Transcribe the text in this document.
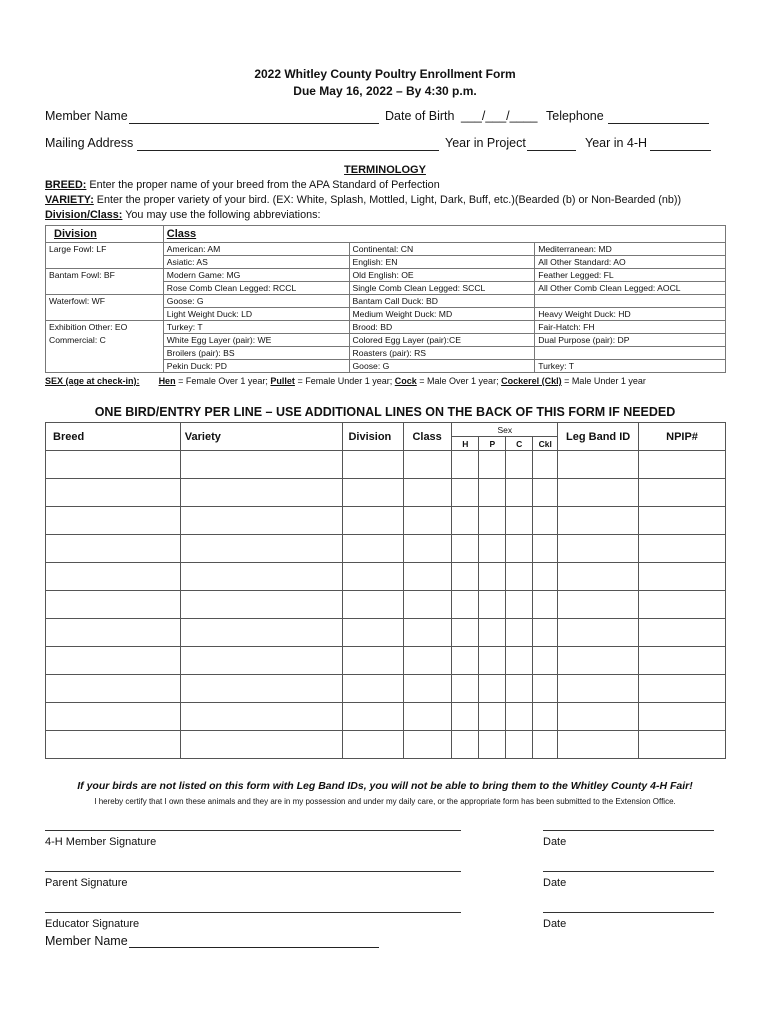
2022 Whitley County Poultry Enrollment Form
Due May 16, 2022 – By 4:30 p.m.
Member Name	Date of Birth ___/___/____ Telephone
Mailing Address	Year in Project	Year in 4-H
TERMINOLOGY
BREED: Enter the proper name of your breed from the APA Standard of Perfection
VARIETY: Enter the proper variety of your bird. (EX: White, Splash, Mottled, Light, Dark, Buff, etc.)(Bearded (b) or Non-Bearded (nb))
Division/Class: You may use the following abbreviations:
Division	Class		
Large Fowl: LF	American: AM	Continental: CN	Mediterranean: MD
	Asiatic: AS	English: EN	All Other Standard: AO
Bantam Fowl: BF	Modern Game: MG	Old English: OE	Feather Legged: FL
	Rose Comb Clean Legged: RCCL	Single Comb Clean Legged: SCCL	All Other Comb Clean Legged: AOCL
Waterfowl: WF	Goose: G	Bantam Call Duck: BD	
	Light Weight Duck: LD	Medium Weight Duck: MD	Heavy Weight Duck: HD
Exhibition Other: EO	Turkey: T	Brood: BD	Fair-Hatch: FH
Commercial: C	White Egg Layer (pair): WE	Colored Egg Layer (pair):CE	Dual Purpose (pair): DP
	Broilers (pair): BS	Roasters (pair): RS	
	Pekin Duck: PD	Goose: G	Turkey: T
SEX (age at check-in): Hen = Female Over 1 year; Pullet = Female Under 1 year; Cock = Male Over 1 year; Cockerel (Ckl) = Male Under 1 year
ONE BIRD/ENTRY PER LINE – USE ADDITIONAL LINES ON THE BACK OF THIS FORM IF NEEDED
Breed	Variety	Division	Class	Sex				Leg Band ID	NPIP#
				H	P	C	Ckl		

If your birds are not listed on this form with Leg Band IDs, you will not be able to bring them to the Whitley County 4-H Fair!
I hereby certify that I own these animals and they are in my possession and under my daily care, or the appropriate form has been submitted to the Extension Office.
4-H Member Signature	Date
Parent Signature	Date
Educator Signature	Date
Member Name
